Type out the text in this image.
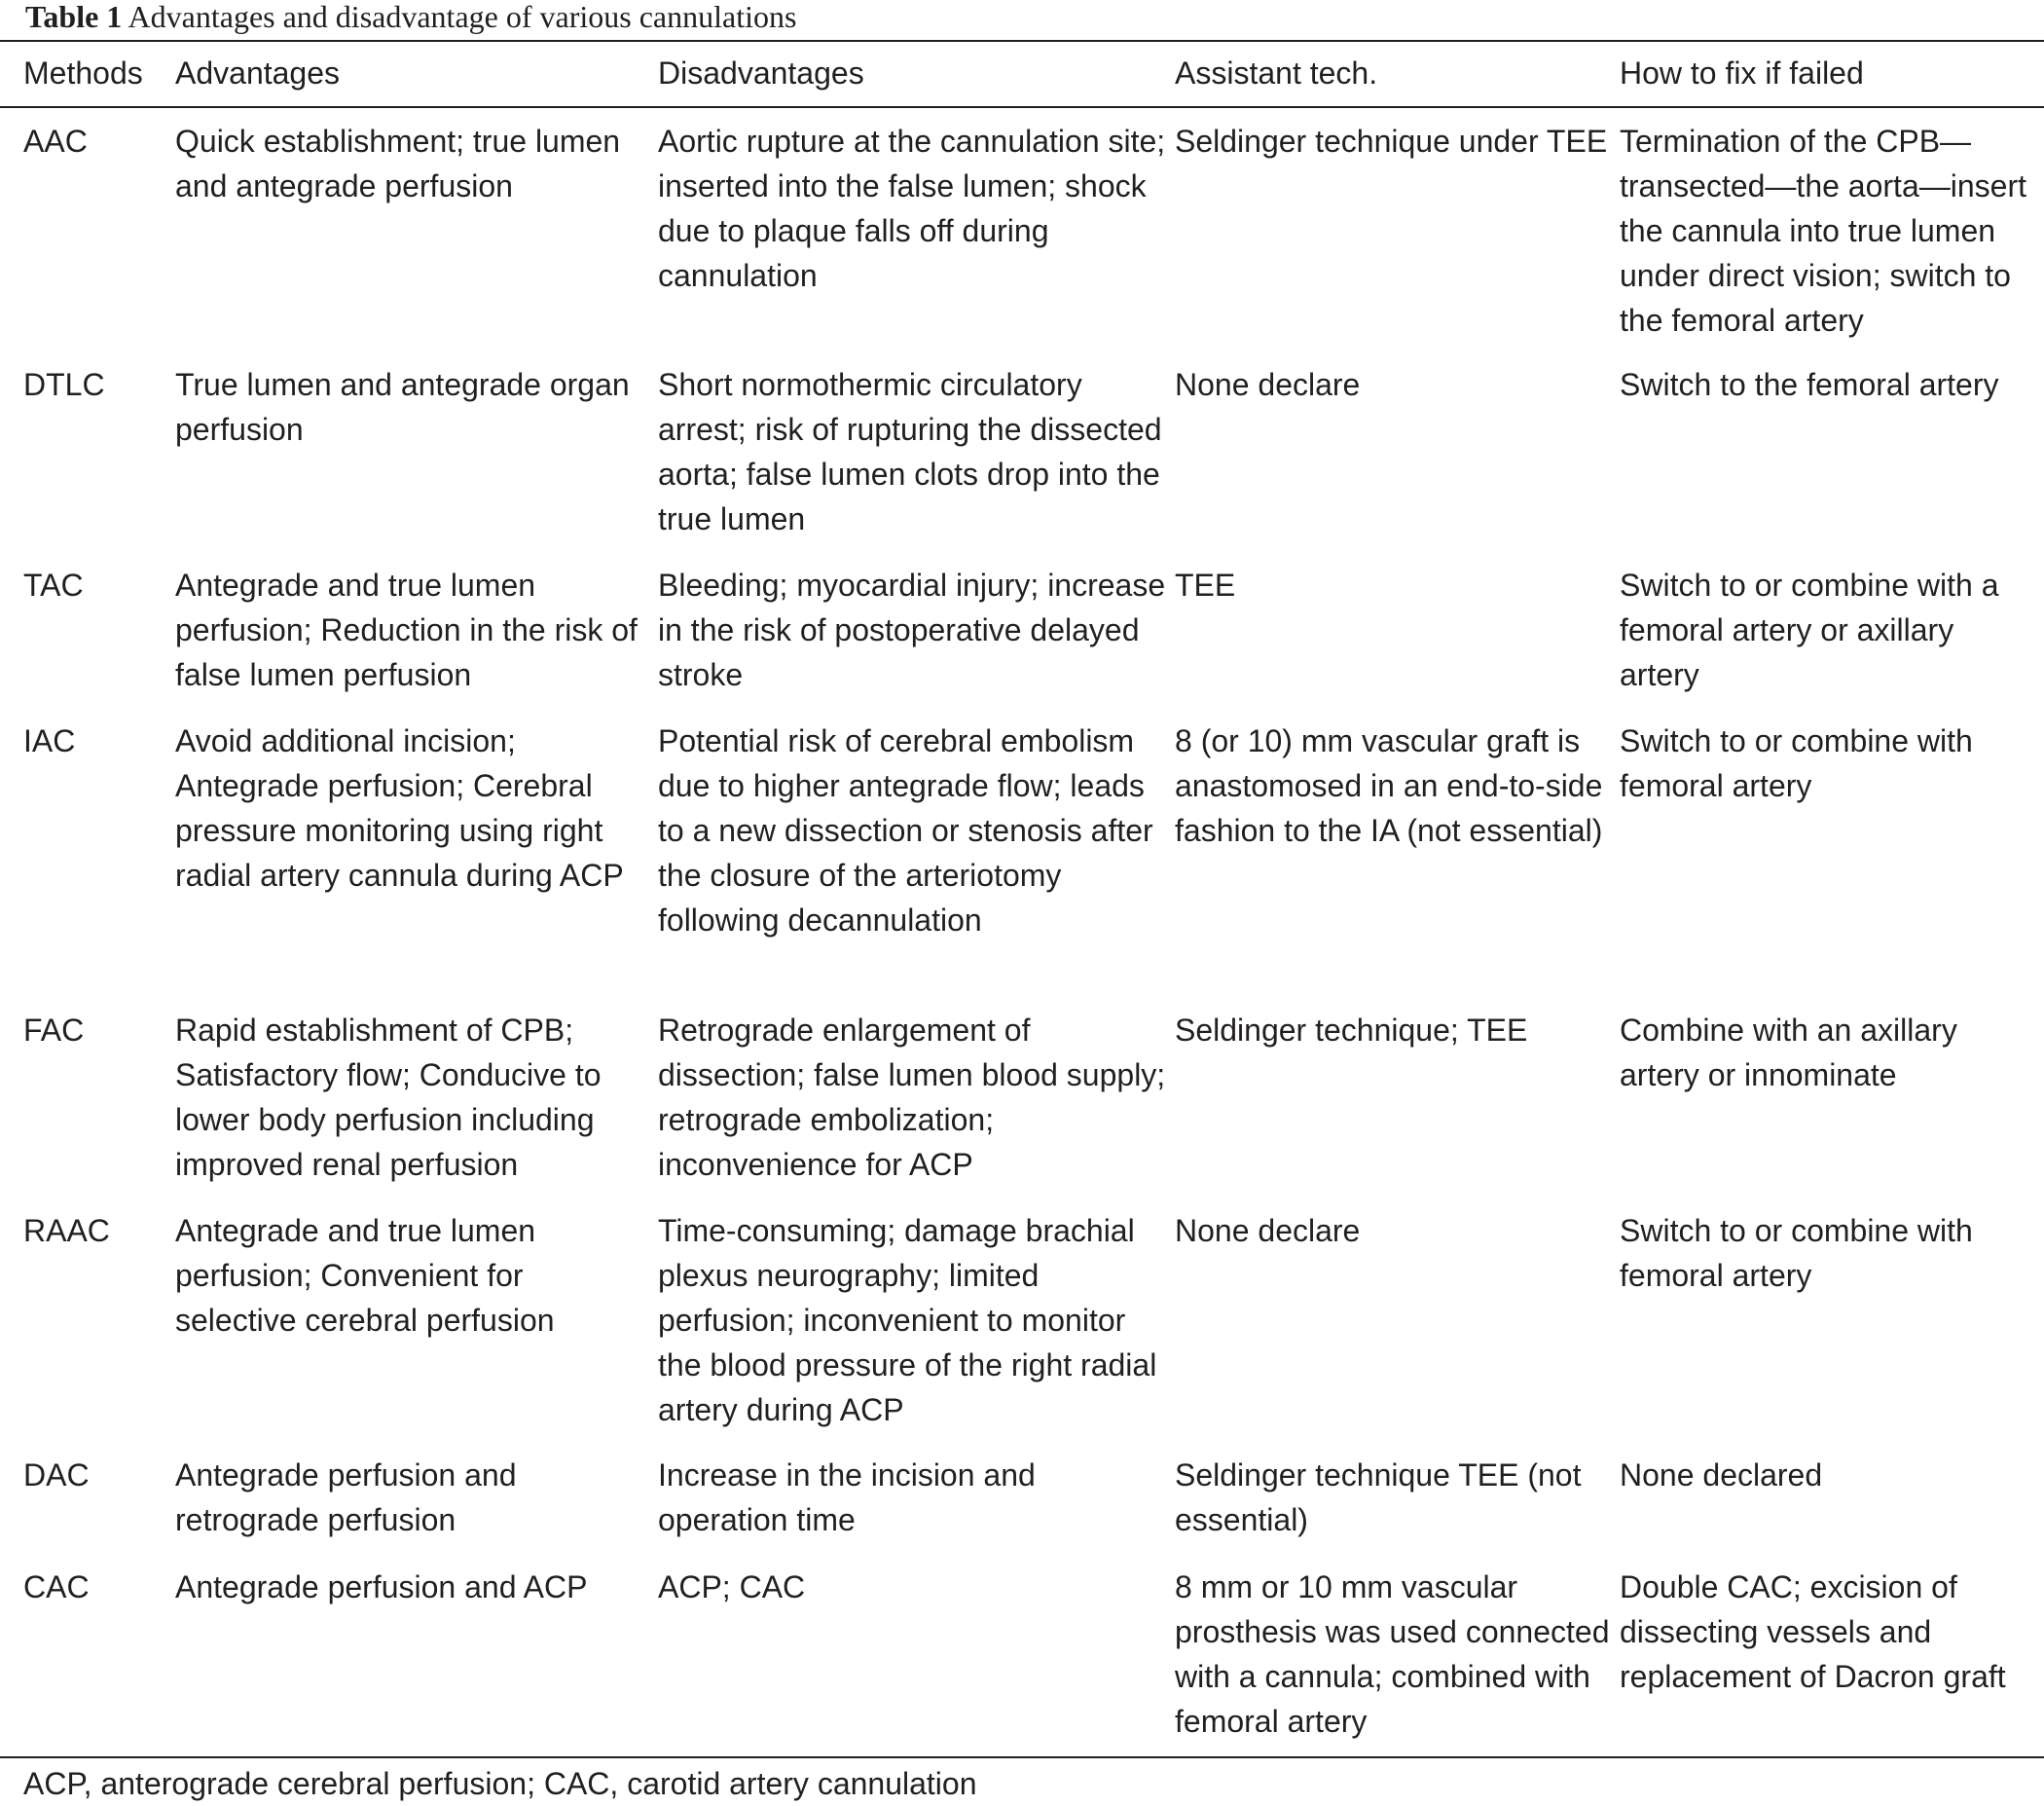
Table 1 Advantages and disadvantage of various cannulations
Methods	Advantages	Disadvantages	Assistant tech.	How to fix if failed
AAC	Quick establishment; true lumen and antegrade perfusion	Aortic rupture at the cannulation site; inserted into the false lumen; shock due to plaque falls off during cannulation	Seldinger technique under TEE	Termination of the CPB—transected—the aorta—insert the cannula into true lumen under direct vision; switch to the femoral artery

DTLC	True lumen and antegrade organ perfusion	Short normothermic circulatory arrest; risk of rupturing the dissected aorta; false lumen clots drop into the true lumen	None declare	Switch to the femoral artery

TAC	Antegrade and true lumen perfusion; Reduction in the risk of false lumen perfusion	Bleeding; myocardial injury; increase in the risk of postoperative delayed stroke	TEE	Switch to or combine with a femoral artery or axillary artery

IAC	Avoid additional incision; Antegrade perfusion; Cerebral pressure monitoring using right radial artery cannula during ACP	Potential risk of cerebral embolism due to higher antegrade flow; leads to a new dissection or stenosis after the closure of the arteriotomy following decannulation	8 (or 10) mm vascular graft is anastomosed in an end-to-side fashion to the IA (not essential)	Switch to or combine with femoral artery

FAC	Rapid establishment of CPB; Satisfactory flow; Conducive to lower body perfusion including improved renal perfusion	Retrograde enlargement of dissection; false lumen blood supply; retrograde embolization; inconvenience for ACP	Seldinger technique; TEE	Combine with an axillary artery or innominate

RAAC	Antegrade and true lumen perfusion; Convenient for selective cerebral perfusion	Time-consuming; damage brachial plexus neurography; limited perfusion; inconvenient to monitor the blood pressure of the right radial artery during ACP	None declare	Switch to or combine with femoral artery

DAC	Antegrade perfusion and retrograde perfusion	Increase in the incision and operation time	Seldinger technique TEE (not essential)	None declared

CAC	Antegrade perfusion and ACP	ACP; CAC	8 mm or 10 mm vascular prosthesis was used connected with a cannula; combined with femoral artery	Double CAC; excision of dissecting vessels and replacement of Dacron graft
ACP, anterograde cerebral perfusion; CAC, carotid artery cannulation
